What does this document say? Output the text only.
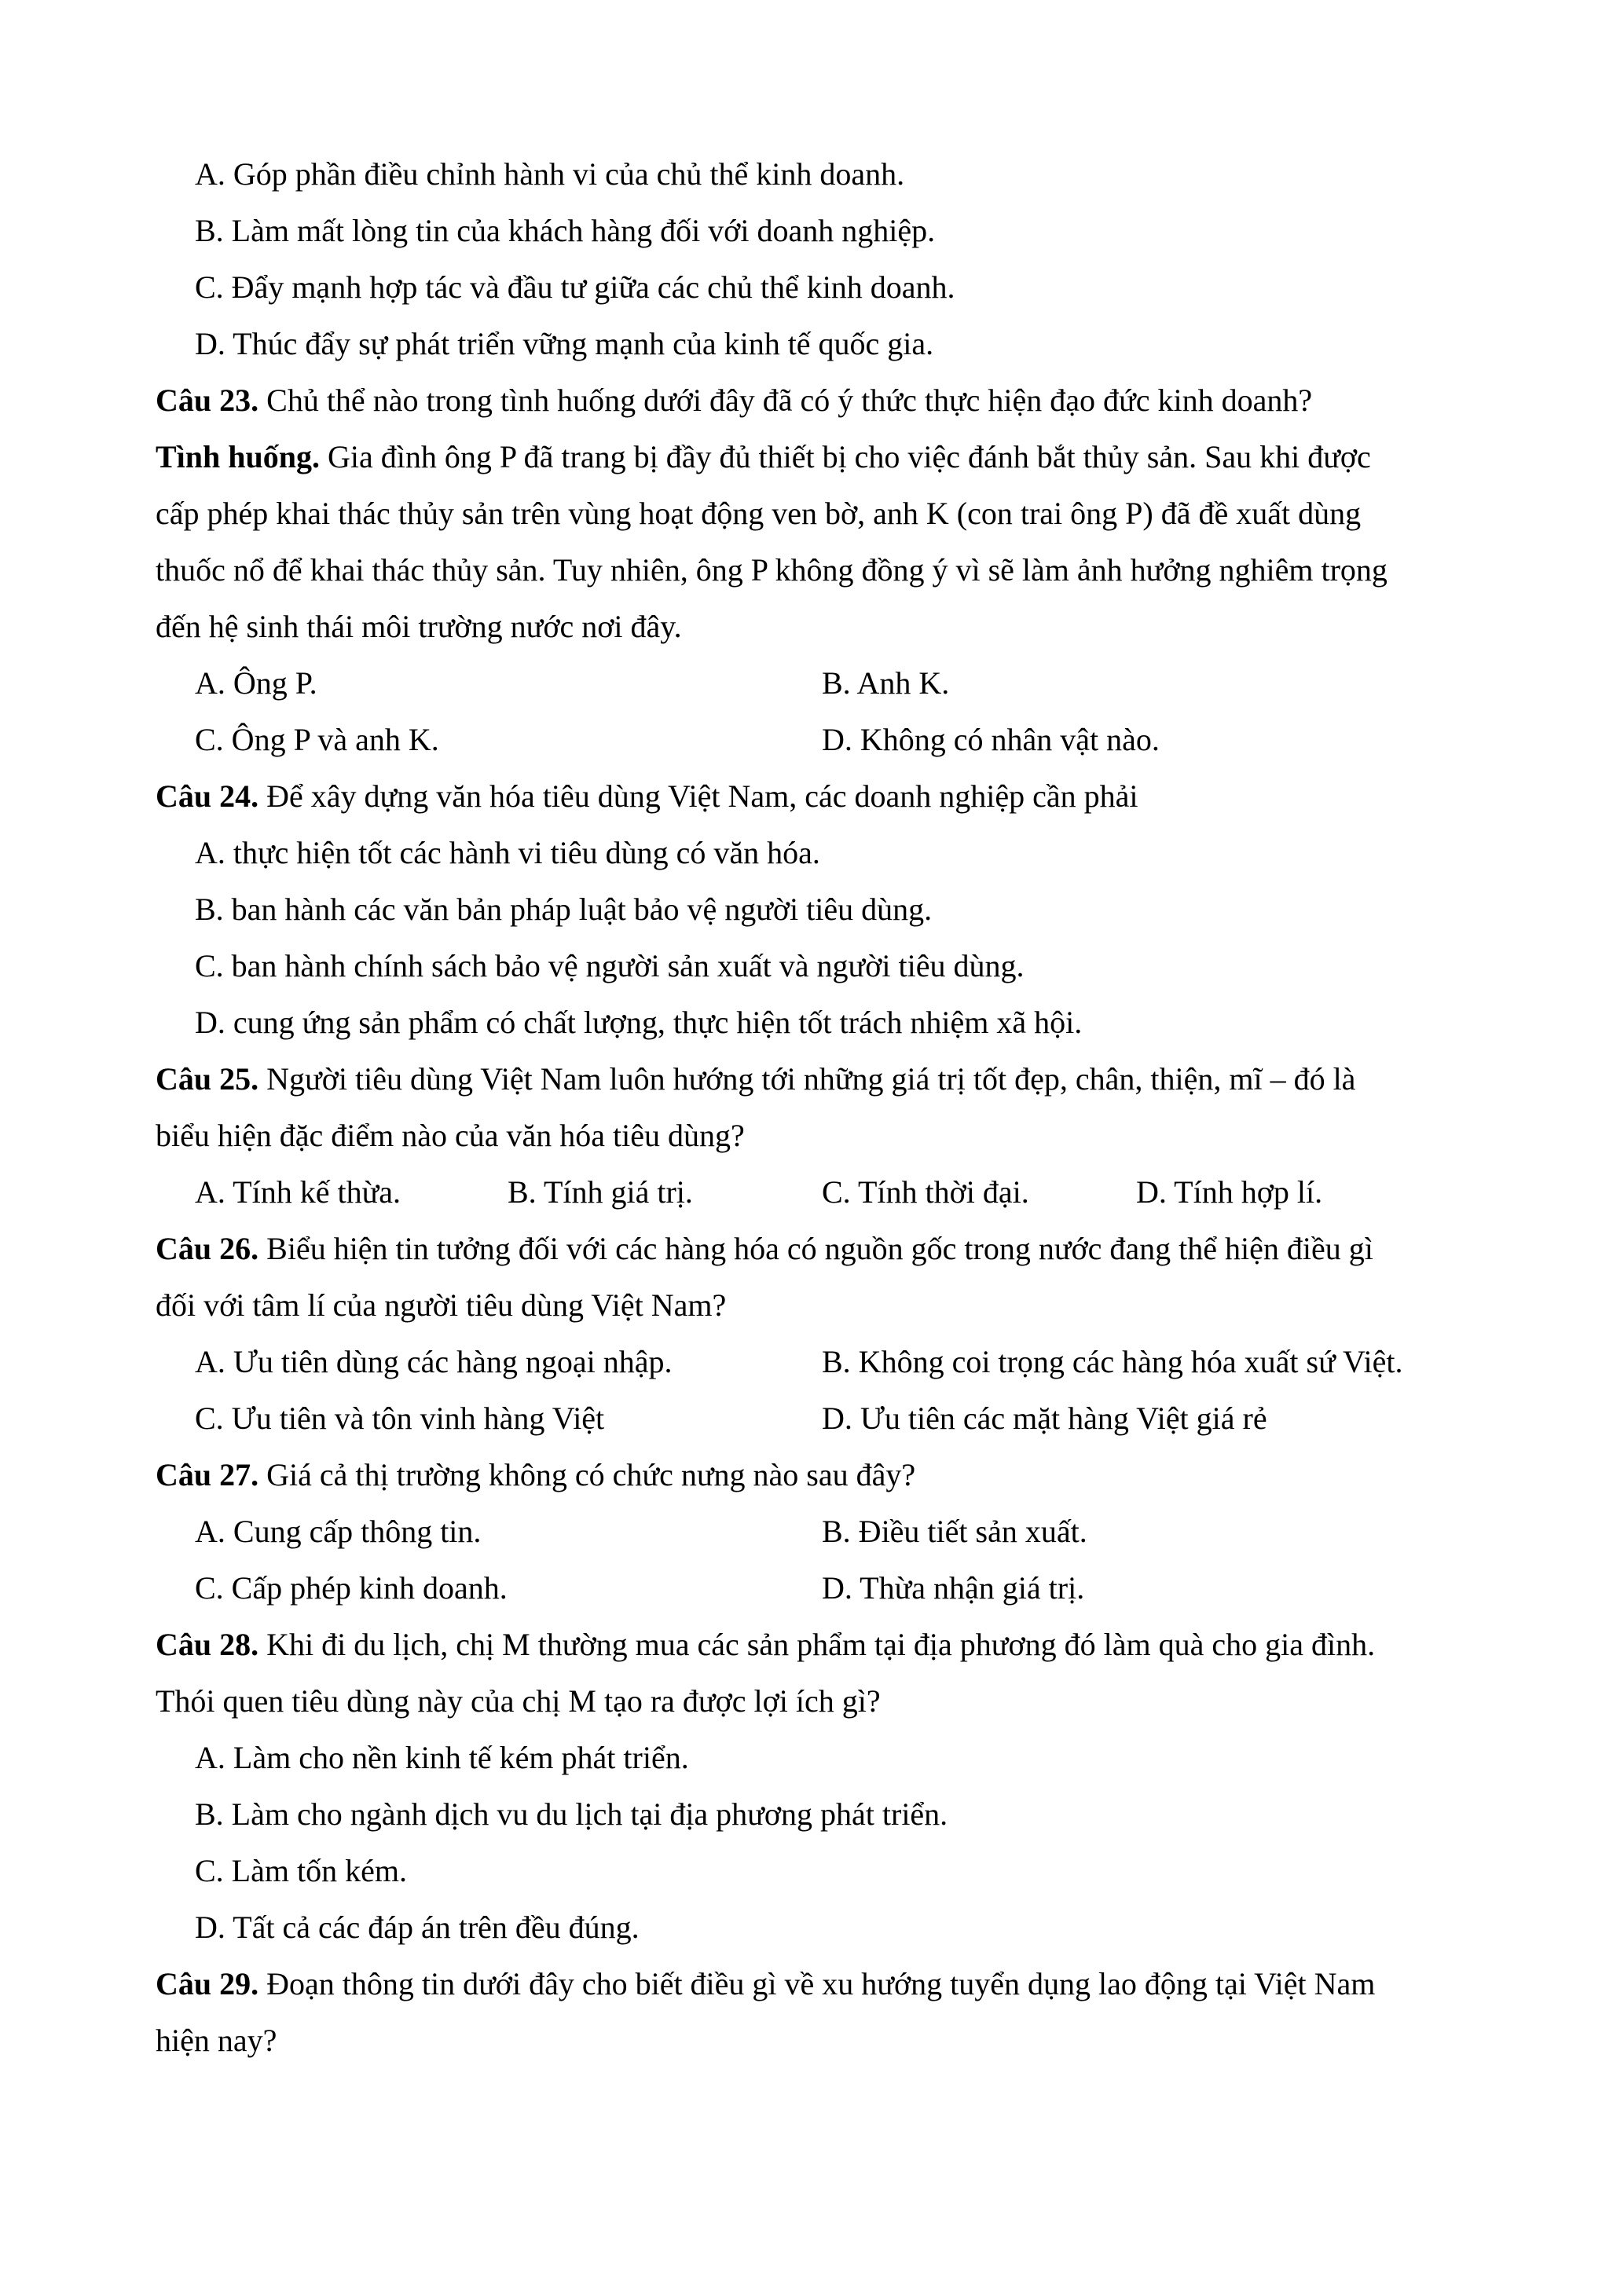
A. Góp phần điều chỉnh hành vi của chủ thể kinh doanh.
B. Làm mất lòng tin của khách hàng đối với doanh nghiệp.
C. Đẩy mạnh hợp tác và đầu tư giữa các chủ thể kinh doanh.
D. Thúc đẩy sự phát triển vững mạnh của kinh tế quốc gia.
Câu 23. Chủ thể nào trong tình huống dưới đây đã có ý thức thực hiện đạo đức kinh doanh?
Tình huống. Gia đình ông P đã trang bị đầy đủ thiết bị cho việc đánh bắt thủy sản. Sau khi được
cấp phép khai thác thủy sản trên vùng hoạt động ven bờ, anh K (con trai ông P) đã đề xuất dùng
thuốc nổ để khai thác thủy sản. Tuy nhiên, ông P không đồng ý vì sẽ làm ảnh hưởng nghiêm trọng
đến hệ sinh thái môi trường nước nơi đây.
A. Ông P.	B. Anh K.
C. Ông P và anh K.	D. Không có nhân vật nào.
Câu 24. Để xây dựng văn hóa tiêu dùng Việt Nam, các doanh nghiệp cần phải
A. thực hiện tốt các hành vi tiêu dùng có văn hóa.
B. ban hành các văn bản pháp luật bảo vệ người tiêu dùng.
C. ban hành chính sách bảo vệ người sản xuất và người tiêu dùng.
D. cung ứng sản phẩm có chất lượng, thực hiện tốt trách nhiệm xã hội.
Câu 25. Người tiêu dùng Việt Nam luôn hướng tới những giá trị tốt đẹp, chân, thiện, mĩ – đó là
biểu hiện đặc điểm nào của văn hóa tiêu dùng?
A. Tính kế thừa.	B. Tính giá trị.	C. Tính thời đại.	D. Tính hợp lí.
Câu 26. Biểu hiện tin tưởng đối với các hàng hóa có nguồn gốc trong nước đang thể hiện điều gì
đối với tâm lí của người tiêu dùng Việt Nam?
A. Ưu tiên dùng các hàng ngoại nhập.	B. Không coi trọng các hàng hóa xuất sứ Việt.
C. Ưu tiên và tôn vinh hàng Việt	D. Ưu tiên các mặt hàng Việt giá rẻ
Câu 27. Giá cả thị trường không có chức nưng nào sau đây?
A. Cung cấp thông tin.	B. Điều tiết sản xuất.
C. Cấp phép kinh doanh.	D. Thừa nhận giá trị.
Câu 28. Khi đi du lịch, chị M thường mua các sản phẩm tại địa phương đó làm quà cho gia đình.
Thói quen tiêu dùng này của chị M tạo ra được lợi ích gì?
A. Làm cho nền kinh tế kém phát triển.
B. Làm cho ngành dịch vu du lịch tại địa phương phát triển.
C. Làm tốn kém.
D. Tất cả các đáp án trên đều đúng.
Câu 29. Đoạn thông tin dưới đây cho biết điều gì về xu hướng tuyển dụng lao động tại Việt Nam
hiện nay?
